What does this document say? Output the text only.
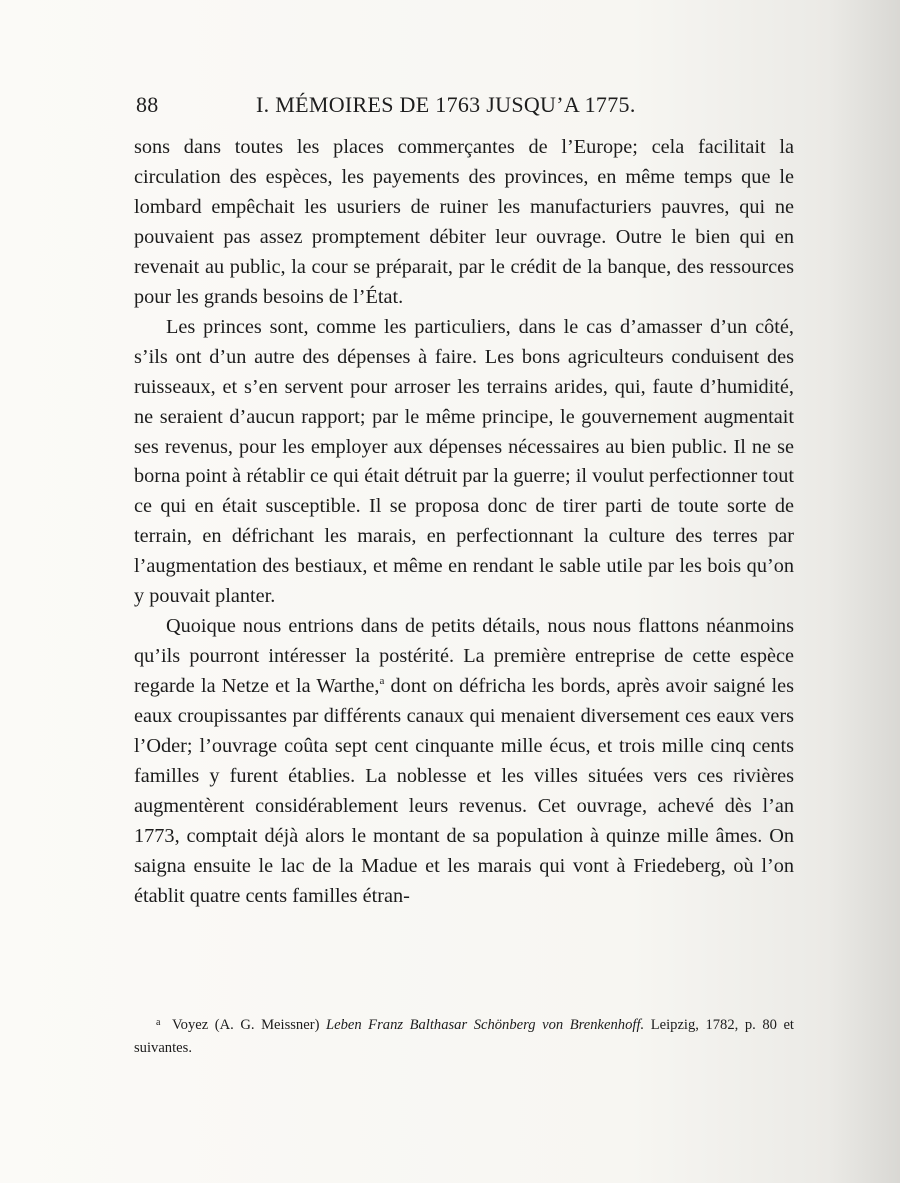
88	I. MÉMOIRES DE 1763 JUSQU’A 1775.

sons dans toutes les places commerçantes de l’Europe; cela facilitait la circulation des espèces, les payements des provinces, en même temps que le lombard empêchait les usuriers de ruiner les manufacturiers pauvres, qui ne pouvaient pas assez promptement débiter leur ouvrage. Outre le bien qui en revenait au public, la cour se préparait, par le crédit de la banque, des ressources pour les grands besoins de l’État.

Les princes sont, comme les particuliers, dans le cas d’amasser d’un côté, s’ils ont d’un autre des dépenses à faire. Les bons agriculteurs conduisent des ruisseaux, et s’en servent pour arroser les terrains arides, qui, faute d’humidité, ne seraient d’aucun rapport; par le même principe, le gouvernement augmentait ses revenus, pour les employer aux dépenses nécessaires au bien public. Il ne se borna point à rétablir ce qui était détruit par la guerre; il voulut perfectionner tout ce qui en était susceptible. Il se proposa donc de tirer parti de toute sorte de terrain, en défrichant les marais, en perfectionnant la culture des terres par l’augmentation des bestiaux, et même en rendant le sable utile par les bois qu’on y pouvait planter.

Quoique nous entrions dans de petits détails, nous nous flattons néanmoins qu’ils pourront intéresser la postérité. La première entreprise de cette espèce regarde la Netze et la Warthe,$^a$ dont on défricha les bords, après avoir saigné les eaux croupissantes par différents canaux qui menaient diversement ces eaux vers l’Oder; l’ouvrage coûta sept cent cinquante mille écus, et trois mille cinq cents familles y furent établies. La noblesse et les villes situées vers ces rivières augmentèrent considérablement leurs revenus. Cet ouvrage, achevé dès l’an 1773, comptait déjà alors le montant de sa population à quinze mille âmes. On saigna ensuite le lac de la Madue et les marais qui vont à Friedeberg, où l’on établit quatre cents familles étran-

a Voyez (A. G. Meissner) Leben Franz Balthasar Schönberg von Brenkenhoff. Leipzig, 1782, p. 80 et suivantes.
